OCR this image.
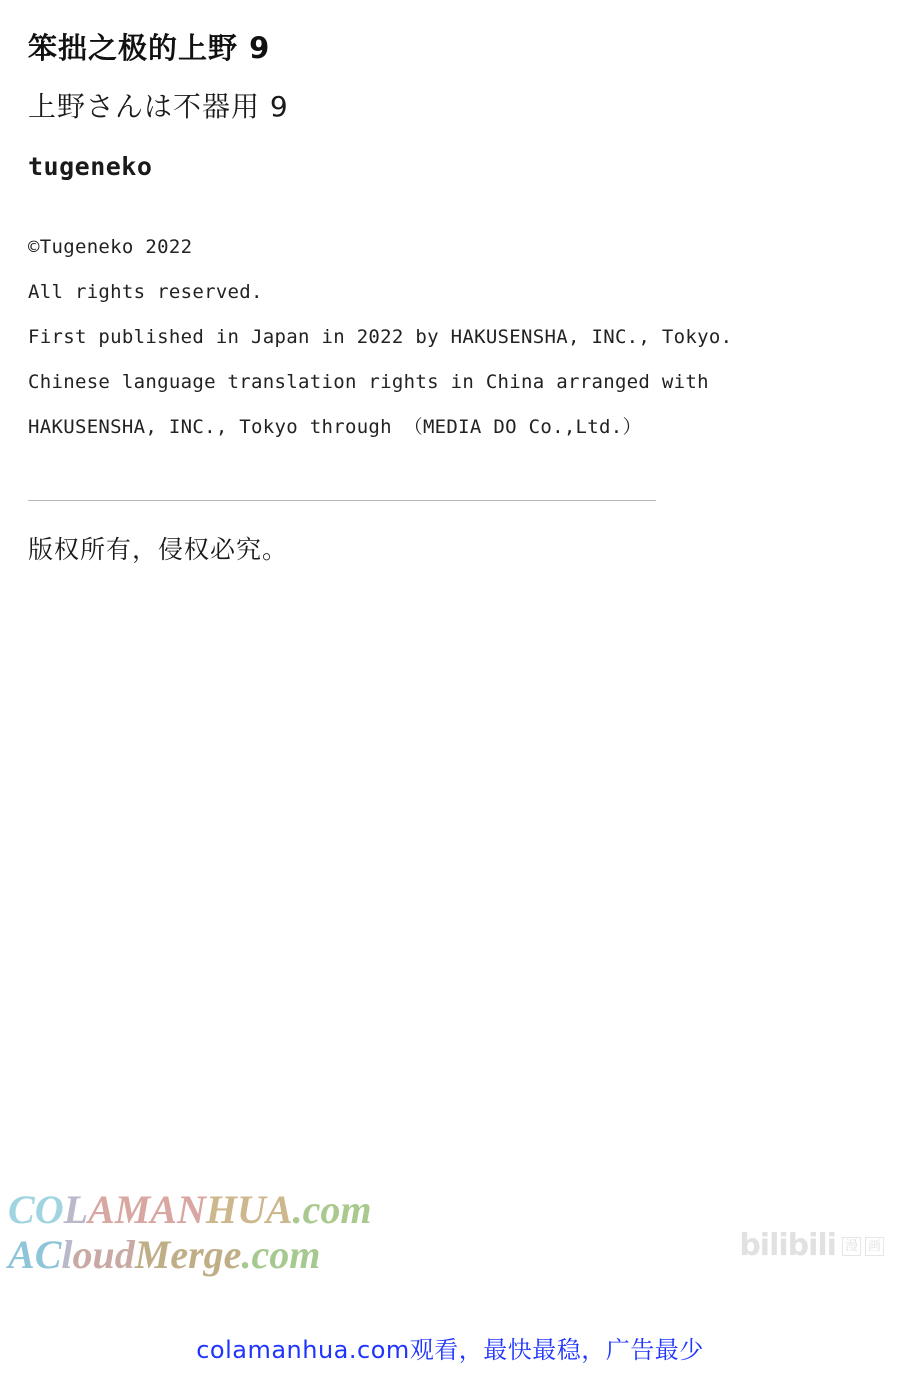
笨拙之极的上野 9
上野さんは不器用 9
tugeneko
©Tugeneko 2022
All rights reserved.
First published in Japan in 2022 by HAKUSENSHA, INC., Tokyo.
Chinese language translation rights in China arranged with
HAKUSENSHA, INC., Tokyo through （MEDIA DO Co.,Ltd.）
版权所有，侵权必究。
COLAMANHUA.com
ACloudMerge.com	bilibili 漫 画
colamanhua.com观看，最快最稳，广告最少
